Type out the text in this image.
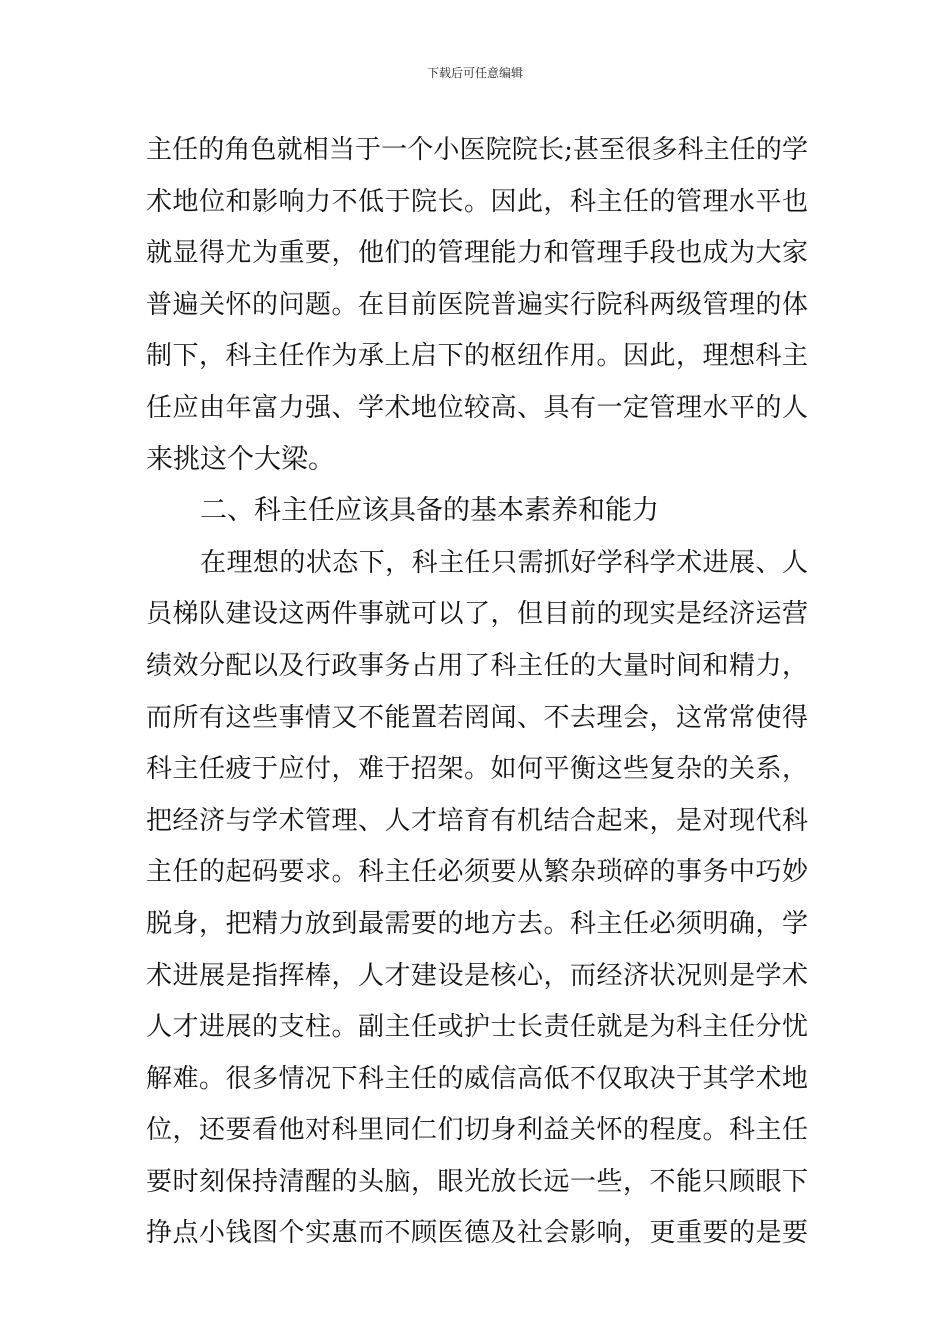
下载后可任意编辑
主任的角色就相当于一个小医院院长;甚至很多科主任的学
术地位和影响力不低于院长。因此，科主任的管理水平也
就显得尤为重要，他们的管理能力和管理手段也成为大家
普遍关怀的问题。在目前医院普遍实行院科两级管理的体
制下，科主任作为承上启下的枢纽作用。因此，理想科主
任应由年富力强、学术地位较高、具有一定管理水平的人
来挑这个大梁。
二、科主任应该具备的基本素养和能力
在理想的状态下，科主任只需抓好学科学术进展、人
员梯队建设这两件事就可以了，但目前的现实是经济运营
绩效分配以及行政事务占用了科主任的大量时间和精力，
而所有这些事情又不能置若罔闻、不去理会，这常常使得
科主任疲于应付，难于招架。如何平衡这些复杂的关系，
把经济与学术管理、人才培育有机结合起来，是对现代科
主任的起码要求。科主任必须要从繁杂琐碎的事务中巧妙
脱身，把精力放到最需要的地方去。科主任必须明确，学
术进展是指挥棒，人才建设是核心，而经济状况则是学术
人才进展的支柱。副主任或护士长责任就是为科主任分忧
解难。很多情况下科主任的威信高低不仅取决于其学术地
位，还要看他对科里同仁们切身利益关怀的程度。科主任
要时刻保持清醒的头脑，眼光放长远一些，不能只顾眼下
挣点小钱图个实惠而不顾医德及社会影响，更重要的是要
